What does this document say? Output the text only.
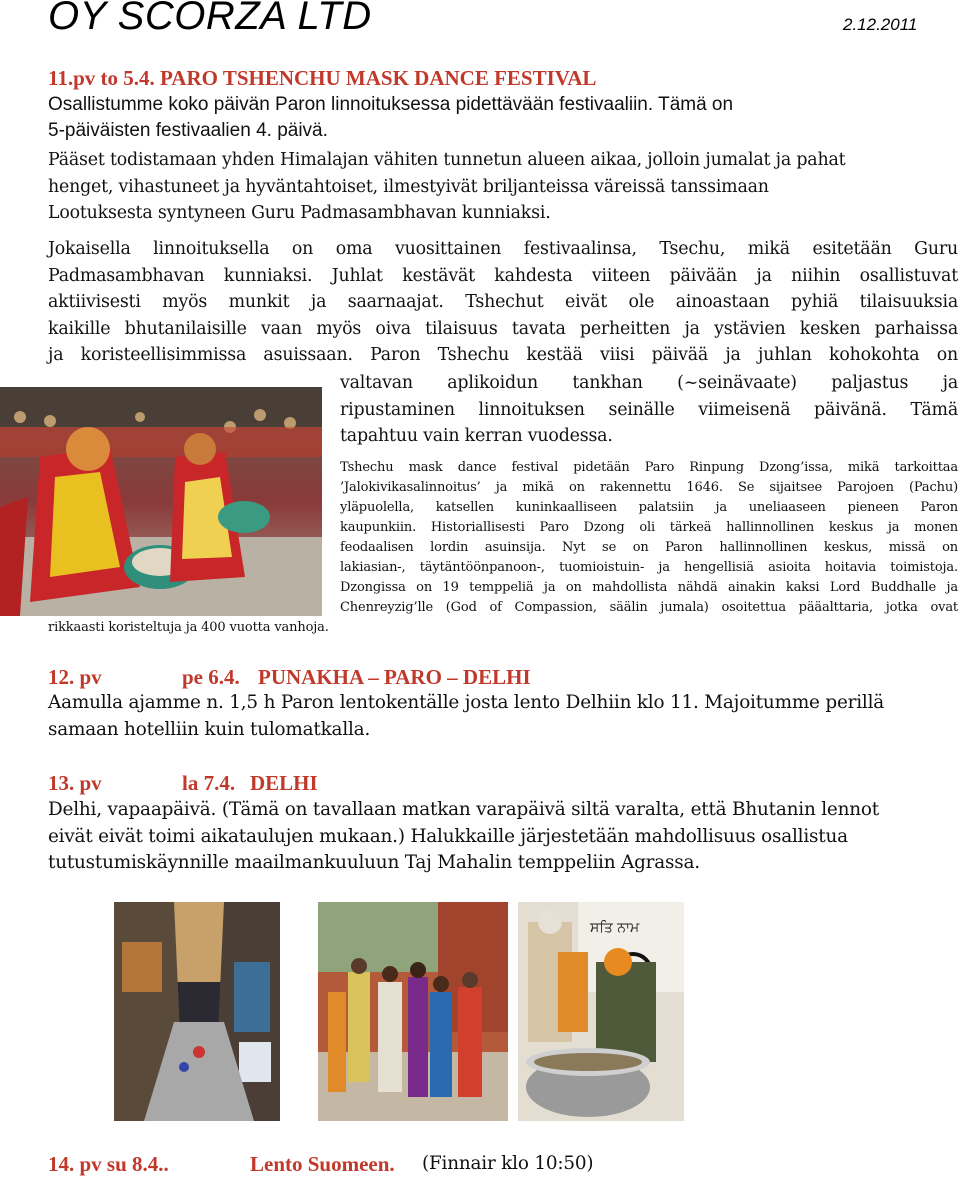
OY SCORZA LTD	2.12.2011
11.pv to 5.4. PARO TSHENCHU MASK DANCE FESTIVAL
Osallistumme koko päivän Paron linnoituksessa pidettävään festivaaliin. Tämä on
5-päiväisten festivaalien 4. päivä.
Pääset todistamaan yhden Himalajan vähiten tunnetun alueen aikaa, jolloin jumalat ja pahat
henget, vihastuneet ja hyväntahtoiset, ilmestyivät briljanteissa väreissä tanssimaan
Lootuksesta syntyneen Guru Padmasambhavan kunniaksi.
Jokaisella linnoituksella on oma vuosittainen festivaalinsa, Tsechu, mikä esitetään Guru
Padmasambhavan kunniaksi. Juhlat kestävät kahdesta viiteen päivään ja niihin osallistuvat
aktiivisesti myös munkit ja saarnaajat. Tshechut eivät ole ainoastaan pyhiä tilaisuuksia
kaikille bhutanilaisille vaan myös oiva tilaisuus tavata perheitten ja ystävien kesken parhaissa
ja koristeellisimmissa asuissaan. Paron Tshechu kestää viisi päivää ja juhlan kohokohta on
valtavan aplikoidun tankhan (~seinävaate) paljastus ja
ripustaminen linnoituksen seinälle viimeisenä päivänä. Tämä
tapahtuu vain kerran vuodessa.
Tshechu mask dance festival pidetään Paro Rinpung Dzong’issa, mikä tarkoittaa
’Jalokivikasalinnoitus’ ja mikä on rakennettu 1646. Se sijaitsee Parojoen (Pachu)
yläpuolella, katsellen kuninkaalliseen palatsiin ja uneliaaseen pieneen Paron
kaupunkiin. Historiallisesti Paro Dzong oli tärkeä hallinnollinen keskus ja monen
feodaalisen lordin asuinsija. Nyt se on Paron hallinnollinen keskus, missä on
lakiasian-, täytäntöönpanoon-, tuomioistuin- ja hengellisiä asioita hoitavia toimistoja.
Dzongissa on 19 temppeliä ja on mahdollista nähdä ainakin kaksi Lord Buddhalle ja
Chenreyzig’lle (God of Compassion, säälin jumala) osoitettua pääalttaria, jotka ovat
rikkaasti koristeltuja ja 400 vuotta vanhoja.
12. pv	pe 6.4. PUNAKHA – PARO – DELHI
Aamulla ajamme n. 1,5 h Paron lentokentälle josta lento Delhiin klo 11. Majoitumme perillä
samaan hotelliin kuin tulomatkalla.
13. pv	la 7.4. DELHI
Delhi, vapaapäivä. (Tämä on tavallaan matkan varapäivä siltä varalta, että Bhutanin lennot
eivät eivät toimi aikataulujen mukaan.) Halukkaille järjestetään mahdollisuus osallistua
tutustumiskäynnille maailmankuuluun Taj Mahalin temppeliin Agrassa.
ਸਤਿ ਨਾਮ
14. pv su 8.4..	Lento Suomeen. (Finnair klo 10:50)
